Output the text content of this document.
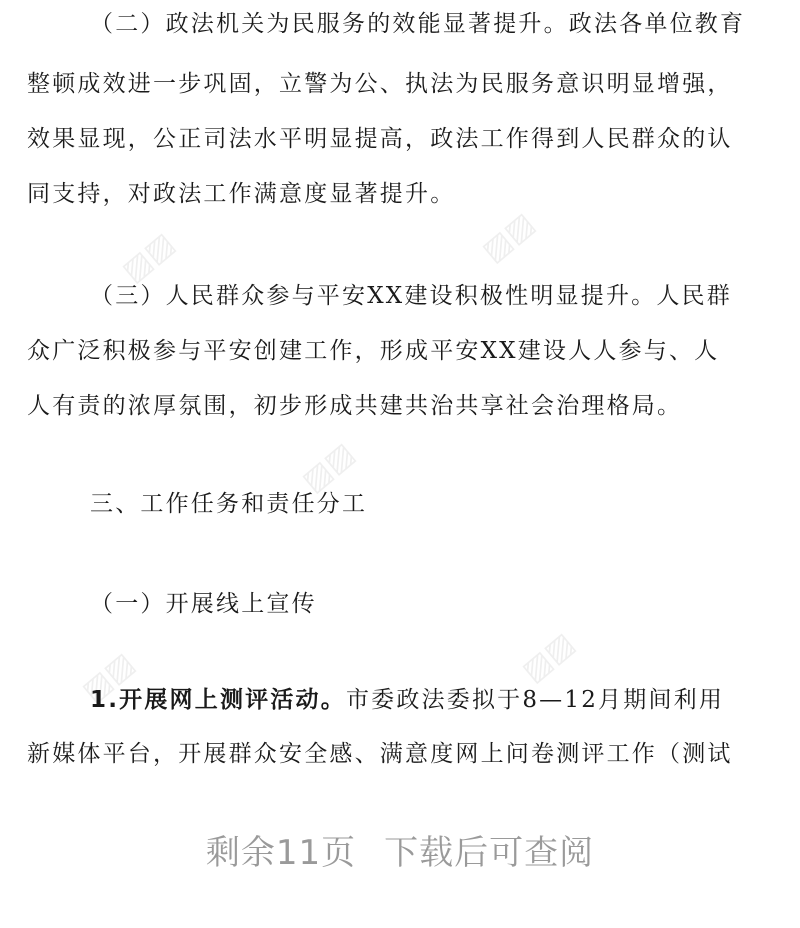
▨▨	▨▨
▨▨
▨▨	▨▨
（二）政法机关为民服务的效能显著提升。政法各单位教育
整顿成效进一步巩固，立警为公、执法为民服务意识明显增强，
效果显现，公正司法水平明显提高，政法工作得到人民群众的认
同支持，对政法工作满意度显著提升。
（三）人民群众参与平安XX建设积极性明显提升。人民群
众广泛积极参与平安创建工作，形成平安XX建设人人参与、人
人有责的浓厚氛围，初步形成共建共治共享社会治理格局。
三、工作任务和责任分工
（一）开展线上宣传
1.开展网上测评活动。市委政法委拟于8—12月期间利用
新媒体平台，开展群众安全感、满意度网上问卷测评工作（测试
剩余11页 下载后可查阅
